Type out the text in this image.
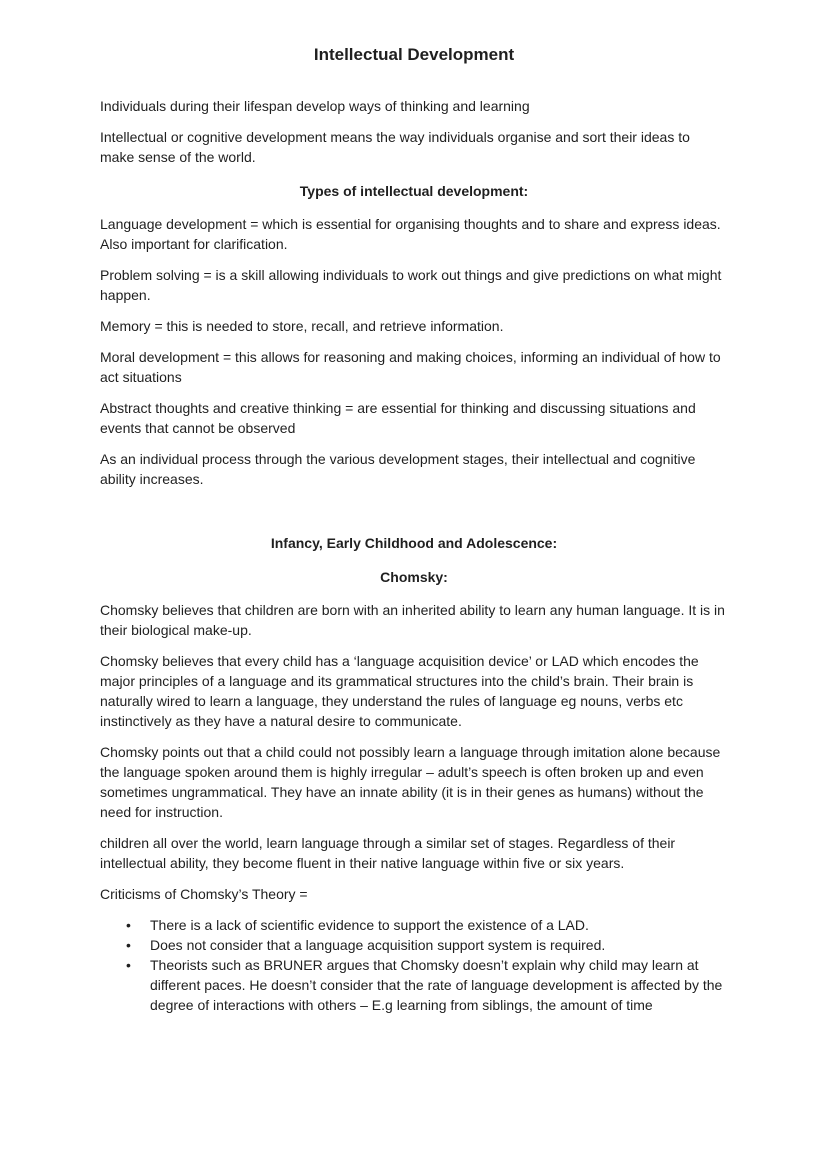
Intellectual Development

Individuals during their lifespan develop ways of thinking and learning

Intellectual or cognitive development means the way individuals organise and sort their ideas to make sense of the world.

Types of intellectual development:

Language development = which is essential for organising thoughts and to share and express ideas. Also important for clarification.

Problem solving = is a skill allowing individuals to work out things and give predictions on what might happen.

Memory = this is needed to store, recall, and retrieve information.

Moral development = this allows for reasoning and making choices, informing an individual of how to act situations

Abstract thoughts and creative thinking = are essential for thinking and discussing situations and events that cannot be observed

As an individual process through the various development stages, their intellectual and cognitive ability increases.

Infancy, Early Childhood and Adolescence:
Chomsky:

Chomsky believes that children are born with an inherited ability to learn any human language. It is in their biological make-up.

Chomsky believes that every child has a ‘language acquisition device’ or LAD which encodes the major principles of a language and its grammatical structures into the child’s brain. Their brain is naturally wired to learn a language, they understand the rules of language eg nouns, verbs etc instinctively as they have a natural desire to communicate.

Chomsky points out that a child could not possibly learn a language through imitation alone because the language spoken around them is highly irregular – adult’s speech is often broken up and even sometimes ungrammatical. They have an innate ability (it is in their genes as humans) without the need for instruction.

children all over the world, learn language through a similar set of stages. Regardless of their intellectual ability, they become fluent in their native language within five or six years.

Criticisms of Chomsky’s Theory =

• There is a lack of scientific evidence to support the existence of a LAD.
• Does not consider that a language acquisition support system is required.
• Theorists such as BRUNER argues that Chomsky doesn’t explain why child may learn at different paces. He doesn’t consider that the rate of language development is affected by the degree of interactions with others – E.g learning from siblings, the amount of time
